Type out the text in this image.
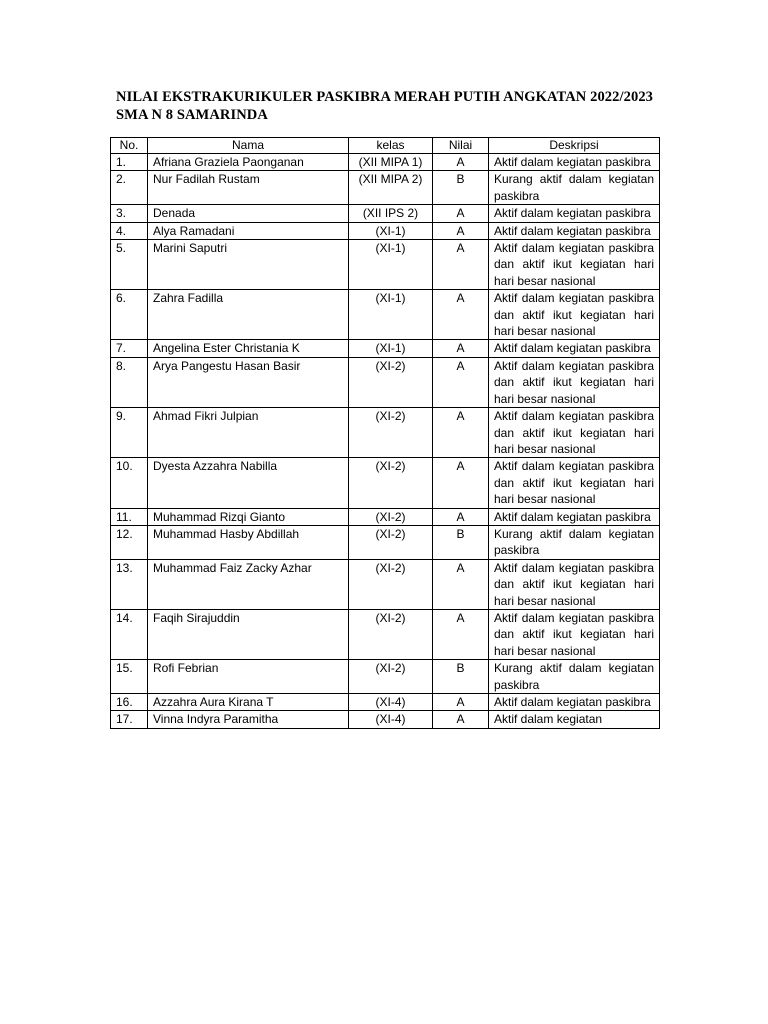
NILAI EKSTRAKURIKULER PASKIBRA MERAH PUTIH ANGKATAN 2022/2023
SMA N 8 SAMARINDA
No.	Nama	kelas	Nilai	Deskripsi
1.	Afriana Graziela Paonganan	(XII MIPA 1)	A	Aktif dalam kegiatan paskibra
2.	Nur Fadilah Rustam	(XII MIPA 2)	B	Kurang aktif dalam kegiatan paskibra
3.	Denada	(XII IPS 2)	A	Aktif dalam kegiatan paskibra
4.	Alya Ramadani	(XI-1)	A	Aktif dalam kegiatan paskibra
5.	Marini Saputri	(XI-1)	A	Aktif dalam kegiatan paskibra dan aktif ikut kegiatan hari hari besar nasional
6.	Zahra Fadilla	(XI-1)	A	Aktif dalam kegiatan paskibra dan aktif ikut kegiatan hari hari besar nasional
7.	Angelina Ester Christania K	(XI-1)	A	Aktif dalam kegiatan paskibra
8.	Arya Pangestu Hasan Basir	(XI-2)	A	Aktif dalam kegiatan paskibra dan aktif ikut kegiatan hari hari besar nasional
9.	Ahmad Fikri Julpian	(XI-2)	A	Aktif dalam kegiatan paskibra dan aktif ikut kegiatan hari hari besar nasional
10.	Dyesta Azzahra Nabilla	(XI-2)	A	Aktif dalam kegiatan paskibra dan aktif ikut kegiatan hari hari besar nasional
11.	Muhammad Rizqi Gianto	(XI-2)	A	Aktif dalam kegiatan paskibra
12.	Muhammad Hasby Abdillah	(XI-2)	B	Kurang aktif dalam kegiatan paskibra
13.	Muhammad Faiz Zacky Azhar	(XI-2)	A	Aktif dalam kegiatan paskibra dan aktif ikut kegiatan hari hari besar nasional
14.	Faqih Sirajuddin	(XI-2)	A	Aktif dalam kegiatan paskibra dan aktif ikut kegiatan hari hari besar nasional
15.	Rofi Febrian	(XI-2)	B	Kurang aktif dalam kegiatan paskibra
16.	Azzahra Aura Kirana T	(XI-4)	A	Aktif dalam kegiatan paskibra
17.	Vinna Indyra Paramitha	(XI-4)	A	Aktif dalam kegiatan
